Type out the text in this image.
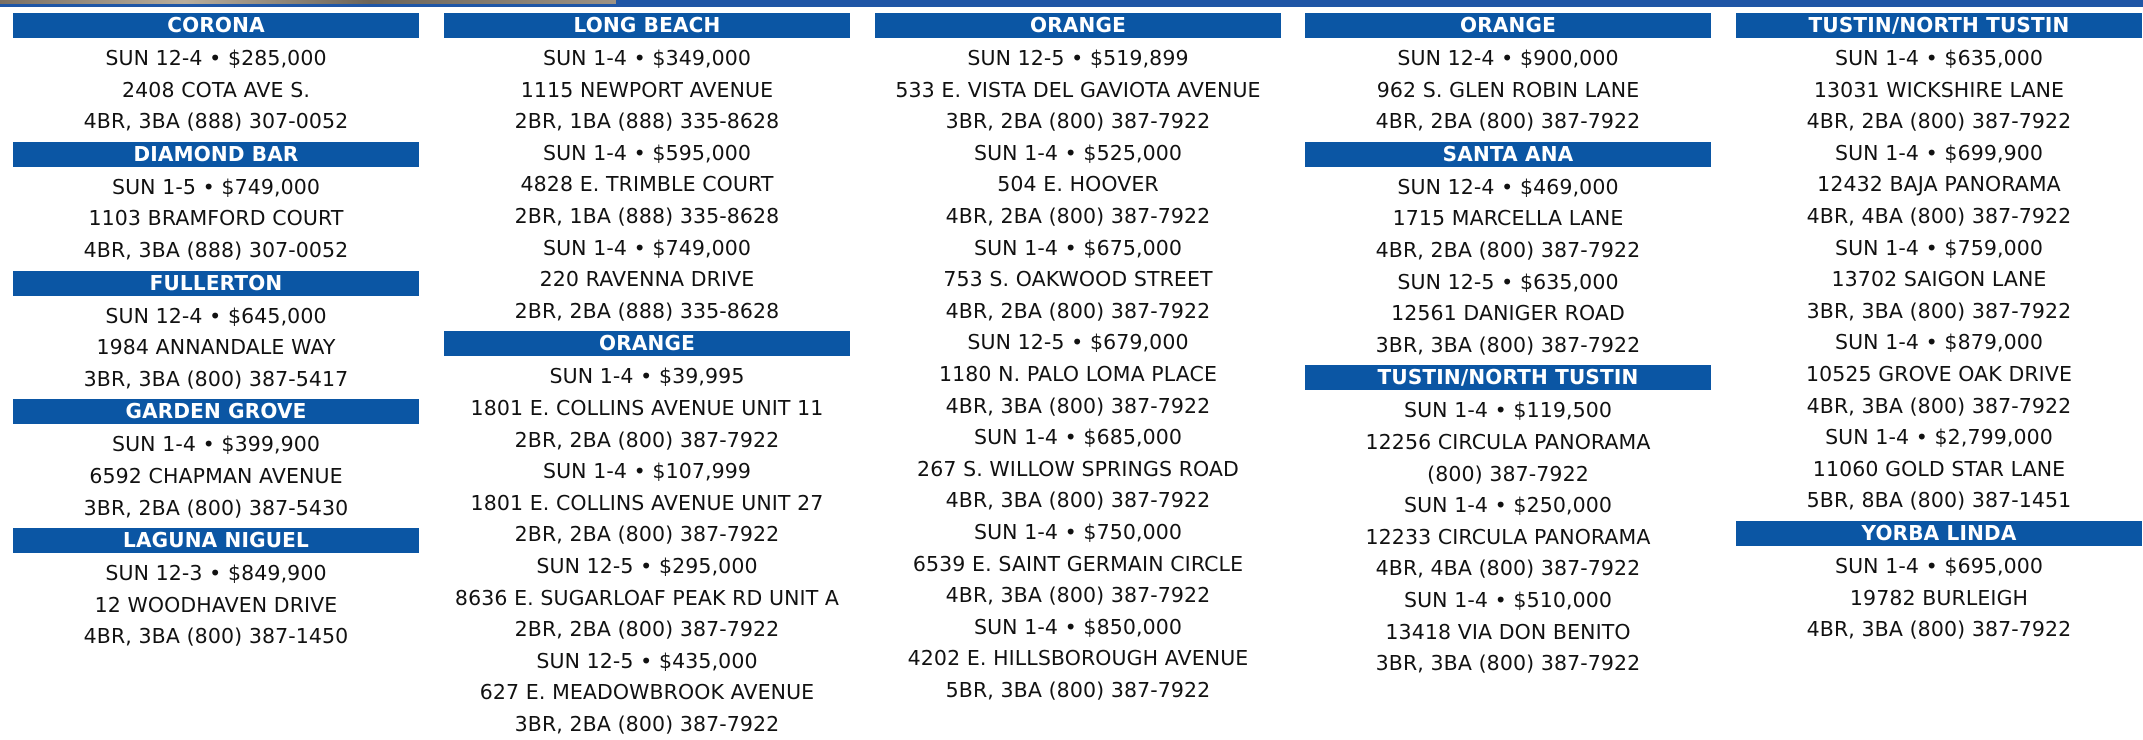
CORONA
SUN 12-4 • $285,000
2408 COTA AVE S.
4BR, 3BA (888) 307-0052
DIAMOND BAR
SUN 1-5 • $749,000
1103 BRAMFORD COURT
4BR, 3BA (888) 307-0052
FULLERTON
SUN 12-4 • $645,000
1984 ANNANDALE WAY
3BR, 3BA (800) 387-5417
GARDEN GROVE
SUN 1-4 • $399,900
6592 CHAPMAN AVENUE
3BR, 2BA (800) 387-5430
LAGUNA NIGUEL
SUN 12-3 • $849,900
12 WOODHAVEN DRIVE
4BR, 3BA (800) 387-1450
LONG BEACH
SUN 1-4 • $349,000
1115 NEWPORT AVENUE
2BR, 1BA (888) 335-8628
SUN 1-4 • $595,000
4828 E. TRIMBLE COURT
2BR, 1BA (888) 335-8628
SUN 1-4 • $749,000
220 RAVENNA DRIVE
2BR, 2BA (888) 335-8628
ORANGE
SUN 1-4 • $39,995
1801 E. COLLINS AVENUE UNIT 11
2BR, 2BA (800) 387-7922
SUN 1-4 • $107,999
1801 E. COLLINS AVENUE UNIT 27
2BR, 2BA (800) 387-7922
SUN 12-5 • $295,000
8636 E. SUGARLOAF PEAK RD UNIT A
2BR, 2BA (800) 387-7922
SUN 12-5 • $435,000
627 E. MEADOWBROOK AVENUE
3BR, 2BA (800) 387-7922
ORANGE
SUN 12-5 • $519,899
533 E. VISTA DEL GAVIOTA AVENUE
3BR, 2BA (800) 387-7922
SUN 1-4 • $525,000
504 E. HOOVER
4BR, 2BA (800) 387-7922
SUN 1-4 • $675,000
753 S. OAKWOOD STREET
4BR, 2BA (800) 387-7922
SUN 12-5 • $679,000
1180 N. PALO LOMA PLACE
4BR, 3BA (800) 387-7922
SUN 1-4 • $685,000
267 S. WILLOW SPRINGS ROAD
4BR, 3BA (800) 387-7922
SUN 1-4 • $750,000
6539 E. SAINT GERMAIN CIRCLE
4BR, 3BA (800) 387-7922
SUN 1-4 • $850,000
4202 E. HILLSBOROUGH AVENUE
5BR, 3BA (800) 387-7922
ORANGE
SUN 12-4 • $900,000
962 S. GLEN ROBIN LANE
4BR, 2BA (800) 387-7922
SANTA ANA
SUN 12-4 • $469,000
1715 MARCELLA LANE
4BR, 2BA (800) 387-7922
SUN 12-5 • $635,000
12561 DANIGER ROAD
3BR, 3BA (800) 387-7922
TUSTIN/NORTH TUSTIN
SUN 1-4 • $119,500
12256 CIRCULA PANORAMA
(800) 387-7922
SUN 1-4 • $250,000
12233 CIRCULA PANORAMA
4BR, 4BA (800) 387-7922
SUN 1-4 • $510,000
13418 VIA DON BENITO
3BR, 3BA (800) 387-7922
TUSTIN/NORTH TUSTIN
SUN 1-4 • $635,000
13031 WICKSHIRE LANE
4BR, 2BA (800) 387-7922
SUN 1-4 • $699,900
12432 BAJA PANORAMA
4BR, 4BA (800) 387-7922
SUN 1-4 • $759,000
13702 SAIGON LANE
3BR, 3BA (800) 387-7922
SUN 1-4 • $879,000
10525 GROVE OAK DRIVE
4BR, 3BA (800) 387-7922
SUN 1-4 • $2,799,000
11060 GOLD STAR LANE
5BR, 8BA (800) 387-1451
YORBA LINDA
SUN 1-4 • $695,000
19782 BURLEIGH
4BR, 3BA (800) 387-7922
